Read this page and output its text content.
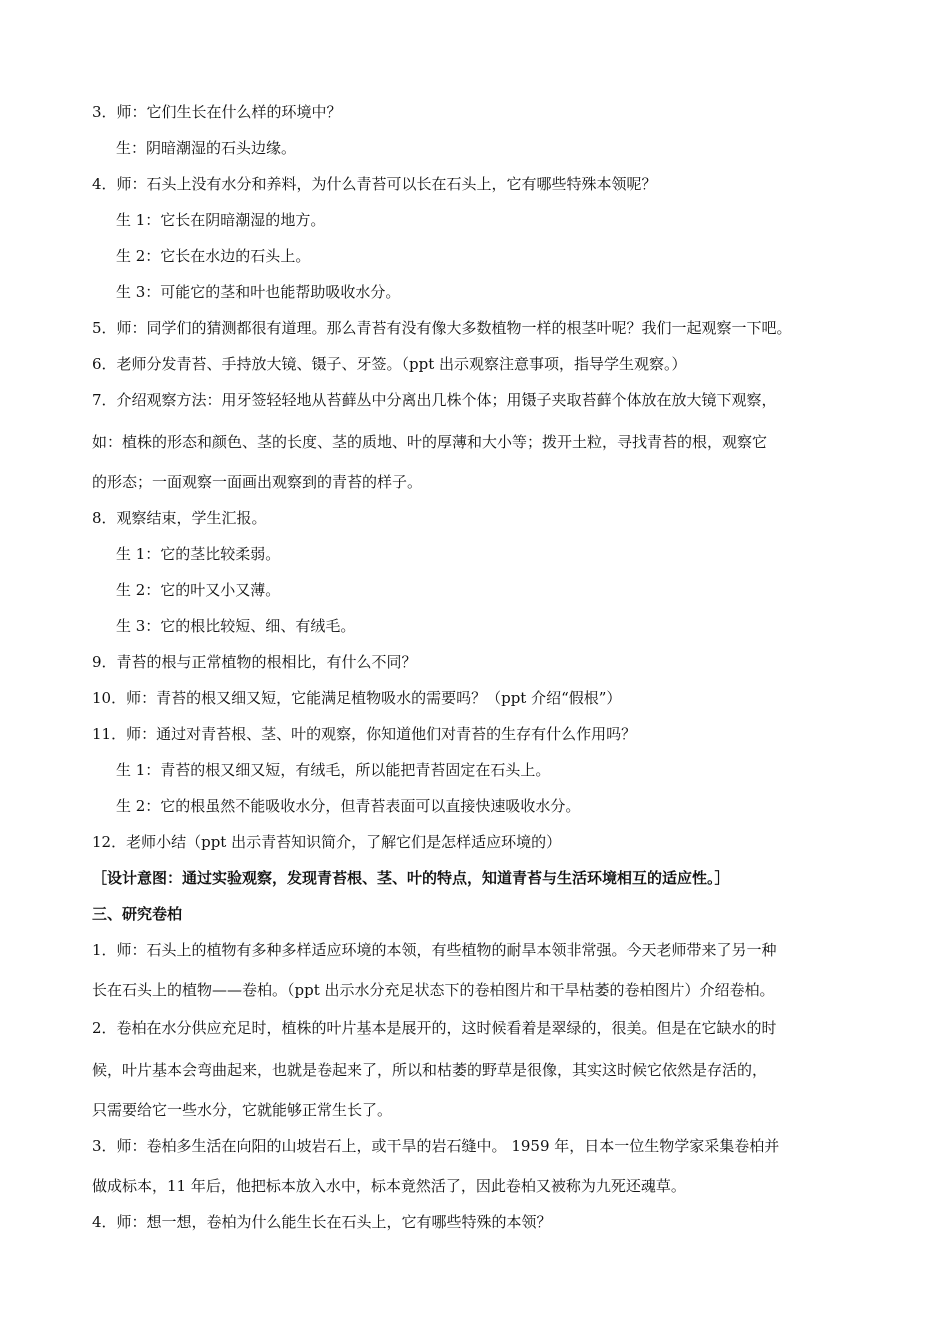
3．师：它们生长在什么样的环境中？
生：阴暗潮湿的石头边缘。
4．师：石头上没有水分和养料，为什么青苔可以长在石头上，它有哪些特殊本领呢？
生 1：它长在阴暗潮湿的地方。
生 2：它长在水边的石头上。
生 3：可能它的茎和叶也能帮助吸收水分。
5．师：同学们的猜测都很有道理。那么青苔有没有像大多数植物一样的根茎叶呢？我们一起观察一下吧。
6．老师分发青苔、手持放大镜、镊子、牙签。（ppt 出示观察注意事项，指导学生观察。）
7．介绍观察方法：用牙签轻轻地从苔藓丛中分离出几株个体；用镊子夹取苔藓个体放在放大镜下观察，
如：植株的形态和颜色、茎的长度、茎的质地、叶的厚薄和大小等；拨开土粒，寻找青苔的根，观察它
的形态；一面观察一面画出观察到的青苔的样子。
8．观察结束，学生汇报。
生 1：它的茎比较柔弱。
生 2：它的叶又小又薄。
生 3：它的根比较短、细、有绒毛。
9．青苔的根与正常植物的根相比，有什么不同？
10．师：青苔的根又细又短，它能满足植物吸水的需要吗？（ppt 介绍“假根”）
11．师：通过对青苔根、茎、叶的观察，你知道他们对青苔的生存有什么作用吗？
生 1：青苔的根又细又短，有绒毛，所以能把青苔固定在石头上。
生 2：它的根虽然不能吸收水分，但青苔表面可以直接快速吸收水分。
12．老师小结（ppt 出示青苔知识简介，了解它们是怎样适应环境的）
［设计意图：通过实验观察，发现青苔根、茎、叶的特点，知道青苔与生活环境相互的适应性。］
三、研究卷柏
1．师：石头上的植物有多种多样适应环境的本领，有些植物的耐旱本领非常强。今天老师带来了另一种
长在石头上的植物——卷柏。（ppt 出示水分充足状态下的卷柏图片和干旱枯萎的卷柏图片）介绍卷柏。
2．卷柏在水分供应充足时，植株的叶片基本是展开的，这时候看着是翠绿的，很美。但是在它缺水的时
候，叶片基本会弯曲起来，也就是卷起来了，所以和枯萎的野草是很像，其实这时候它依然是存活的，
只需要给它一些水分，它就能够正常生长了。
3．师：卷柏多生活在向阳的山坡岩石上，或干旱的岩石缝中。 1959 年，日本一位生物学家采集卷柏并
做成标本，11 年后，他把标本放入水中，标本竟然活了，因此卷柏又被称为九死还魂草。
4．师：想一想，卷柏为什么能生长在石头上，它有哪些特殊的本领？
